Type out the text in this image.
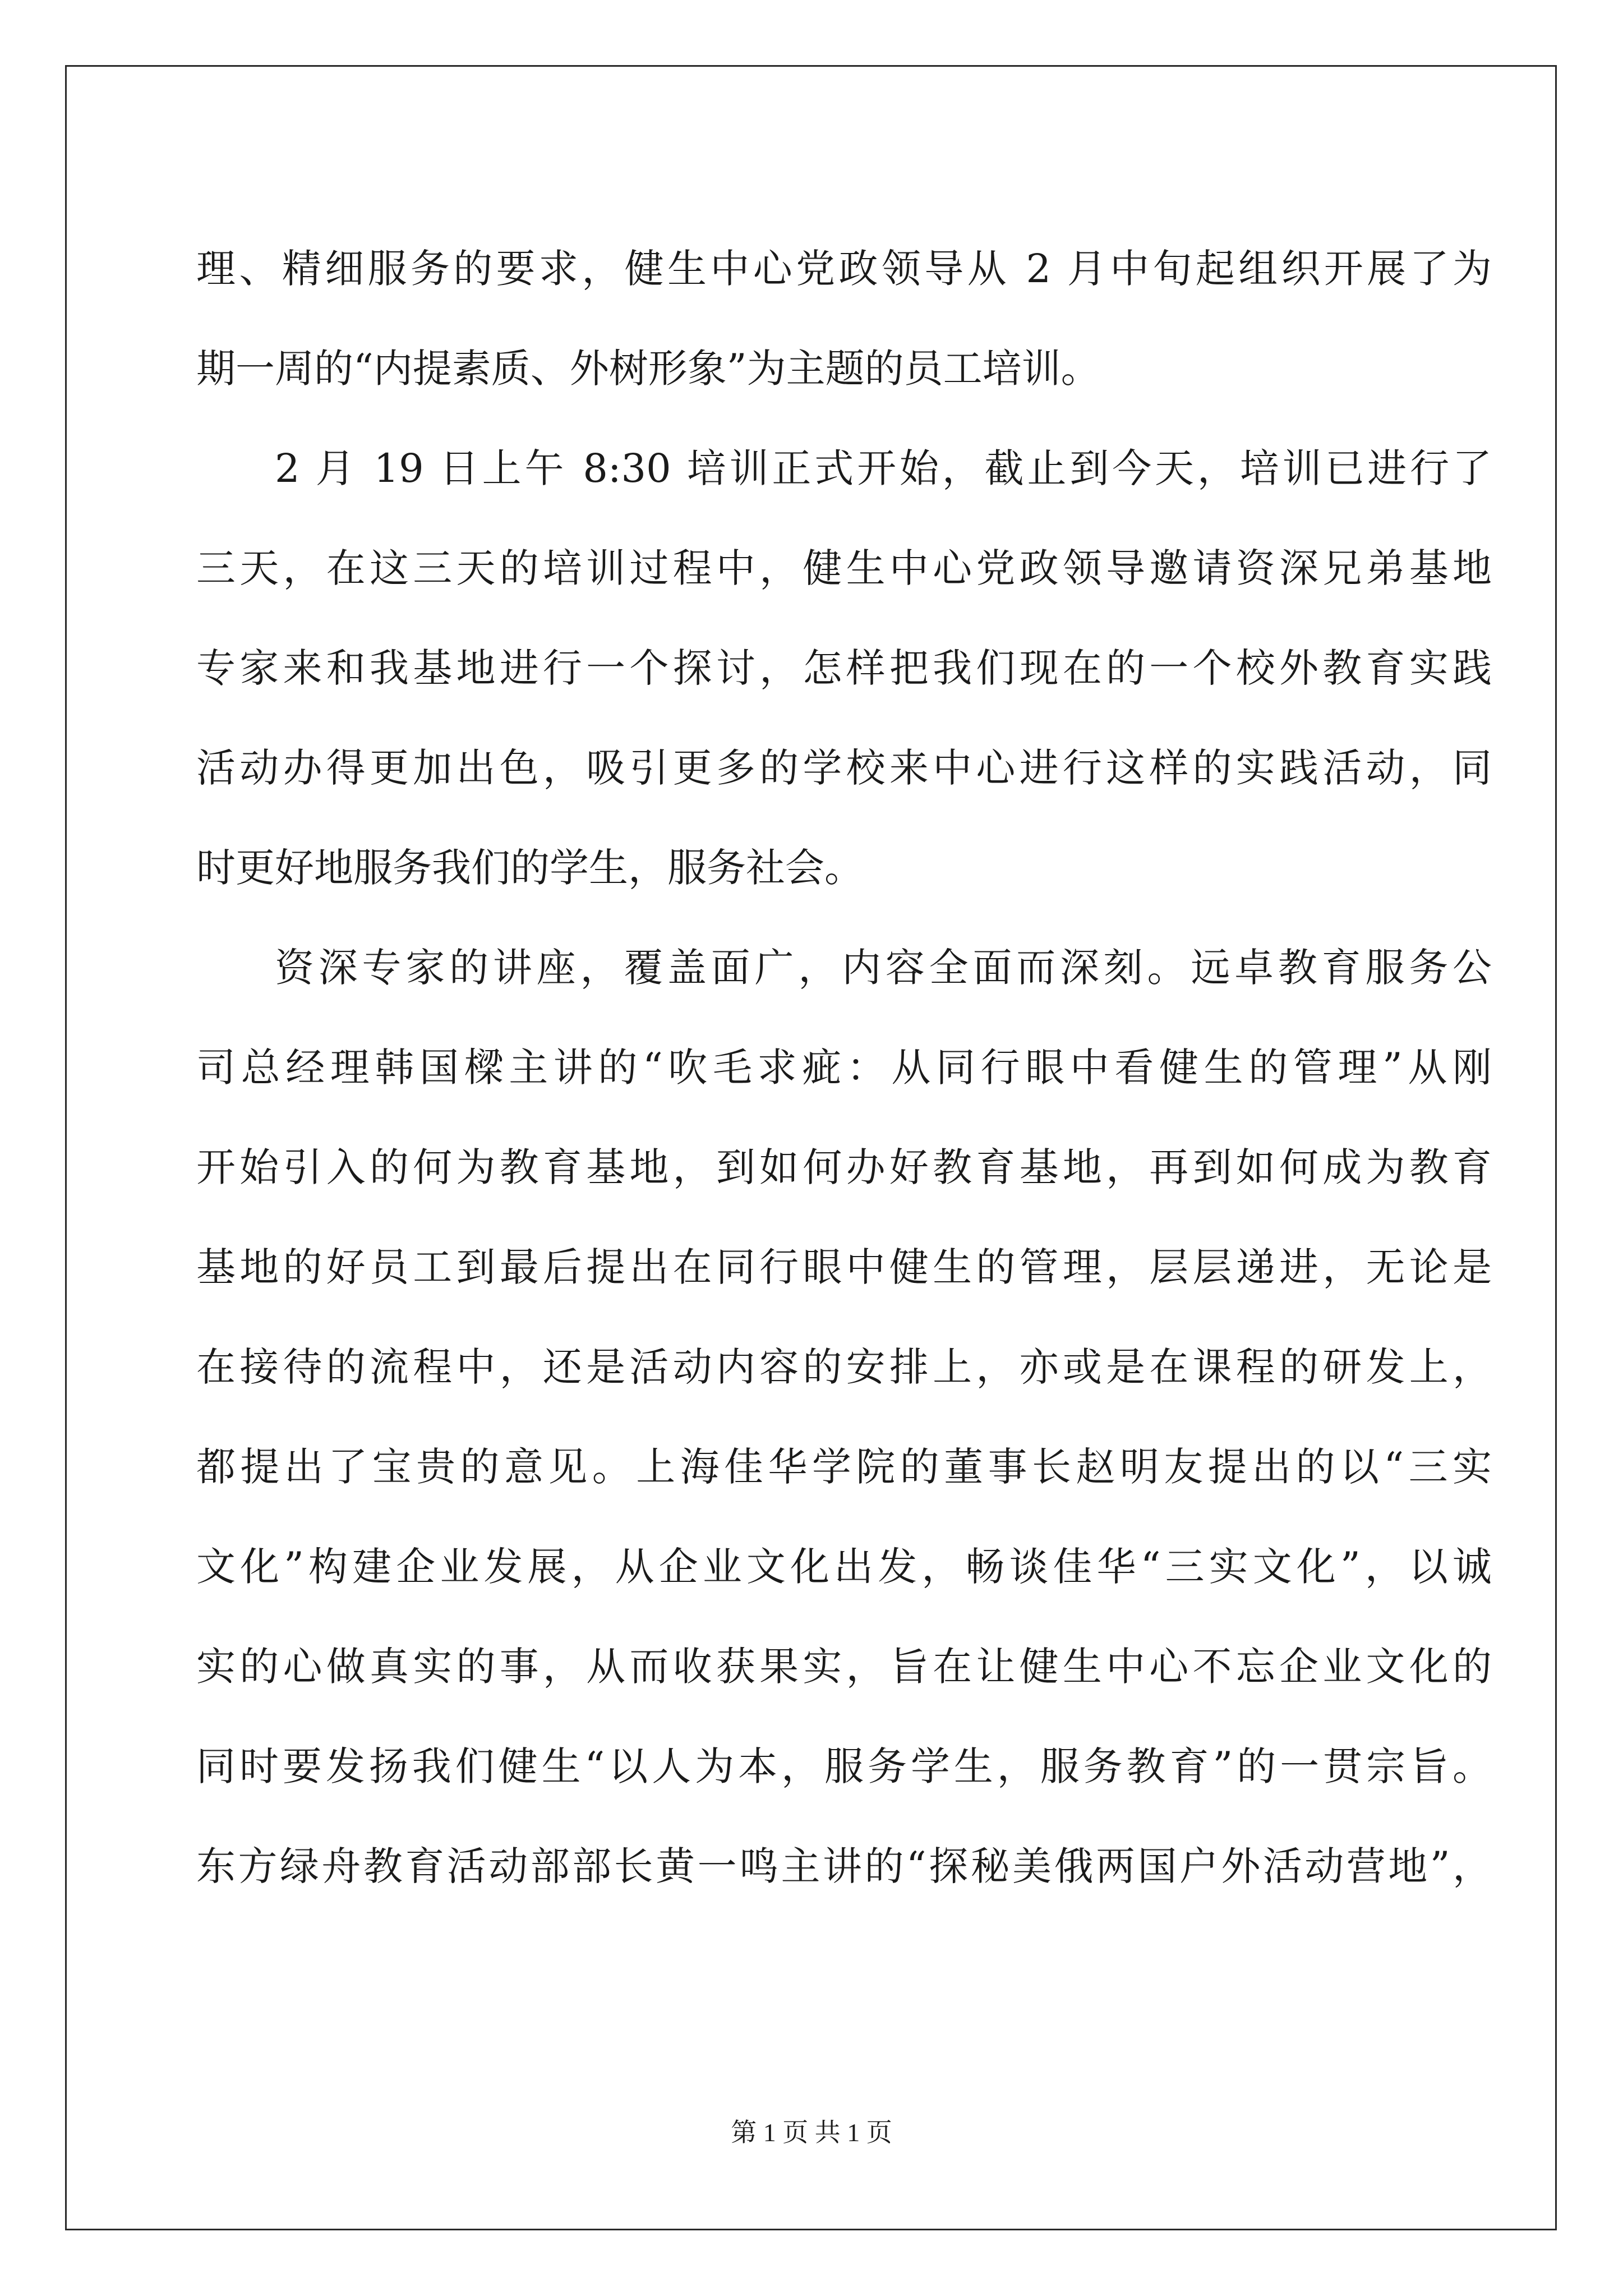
理、精细服务的要求，健生中心党政领导从 2 月中旬起组织开展了为

期一周的“内提素质、外树形象”为主题的员工培训。

2 月 19 日上午 8:30 培训正式开始，截止到今天，培训已进行了

三天，在这三天的培训过程中，健生中心党政领导邀请资深兄弟基地

专家来和我基地进行一个探讨，怎样把我们现在的一个校外教育实践

活动办得更加出色，吸引更多的学校来中心进行这样的实践活动，同

时更好地服务我们的学生，服务社会。

资深专家的讲座，覆盖面广，内容全面而深刻。远卓教育服务公

司总经理韩国樑主讲的“吹毛求疵：从同行眼中看健生的管理”从刚

开始引入的何为教育基地，到如何办好教育基地，再到如何成为教育

基地的好员工到最后提出在同行眼中健生的管理，层层递进，无论是

在接待的流程中，还是活动内容的安排上，亦或是在课程的研发上，

都提出了宝贵的意见。上海佳华学院的董事长赵明友提出的以“三实

文化”构建企业发展，从企业文化出发，畅谈佳华“三实文化”，以诚

实的心做真实的事，从而收获果实，旨在让健生中心不忘企业文化的

同时要发扬我们健生“以人为本，服务学生，服务教育”的一贯宗旨。

东方绿舟教育活动部部长黄一鸣主讲的“探秘美俄两国户外活动营地”，

第 1 页 共 1 页
